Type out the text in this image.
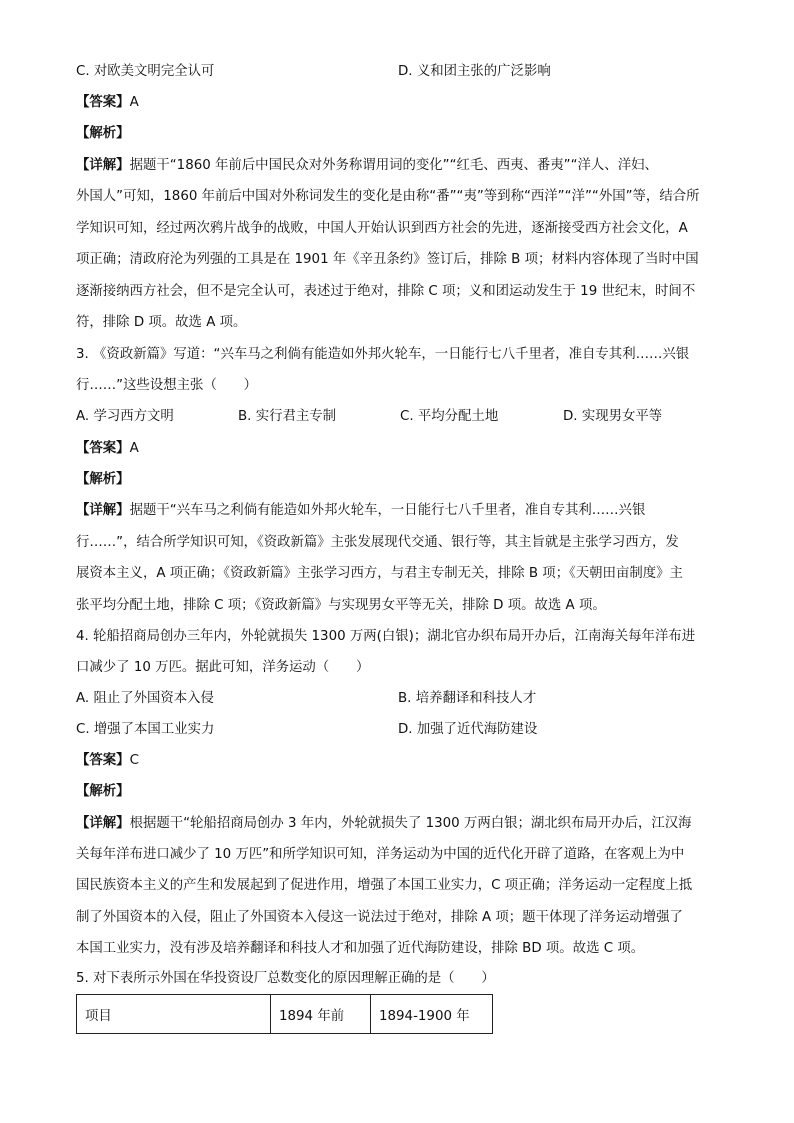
C. 对欧美文明完全认可	D. 义和团主张的广泛影响
【答案】A
【解析】
【详解】据题干“1860 年前后中国民众对外务称谓用词的变化”“红毛、西夷、番夷”“洋人、洋妇、
外国人”可知，1860 年前后中国对外称词发生的变化是由称“番”“夷”等到称“西洋”“洋”“外国”等，结合所
学知识可知，经过两次鸦片战争的战败，中国人开始认识到西方社会的先进，逐渐接受西方社会文化，A
项正确；清政府沦为列强的工具是在 1901 年《辛丑条约》签订后，排除 B 项；材料内容体现了当时中国
逐渐接纳西方社会，但不是完全认可，表述过于绝对，排除 C 项；义和团运动发生于 19 世纪末，时间不
符，排除 D 项。故选 A 项。
3. 《资政新篇》写道：“兴车马之利倘有能造如外邦火轮车，一日能行七八千里者，准自专其利……兴银
行……”这些设想主张（　　）
A. 学习西方文明	B. 实行君主专制	C. 平均分配土地	D. 实现男女平等
【答案】A
【解析】
【详解】据题干“兴车马之利倘有能造如外邦火轮车，一日能行七八千里者，准自专其利……兴银
行……”，结合所学知识可知，《资政新篇》主张发展现代交通、银行等，其主旨就是主张学习西方，发
展资本主义，A 项正确；《资政新篇》主张学习西方，与君主专制无关，排除 B 项；《天朝田亩制度》主
张平均分配土地，排除 C 项；《资政新篇》与实现男女平等无关，排除 D 项。故选 A 项。
4. 轮船招商局创办三年内，外轮就损失 1300 万两(白银)；湖北官办织布局开办后，江南海关每年洋布进
口减少了 10 万匹。据此可知，洋务运动（　　）
A. 阻止了外国资本入侵	B. 培养翻译和科技人才
C. 增强了本国工业实力	D. 加强了近代海防建设
【答案】C
【解析】
【详解】根据题干“轮船招商局创办 3 年内，外轮就损失了 1300 万两白银；湖北织布局开办后，江汉海
关每年洋布进口减少了 10 万匹”和所学知识可知，洋务运动为中国的近代化开辟了道路，在客观上为中
国民族资本主义的产生和发展起到了促进作用，增强了本国工业实力，C 项正确；洋务运动一定程度上抵
制了外国资本的入侵，阻止了外国资本入侵这一说法过于绝对，排除 A 项；题干体现了洋务运动增强了
本国工业实力，没有涉及培养翻译和科技人才和加强了近代海防建设，排除 BD 项。故选 C 项。
5. 对下表所示外国在华投资设厂总数变化的原因理解正确的是（　　）
项目	1894 年前	1894-1900 年
